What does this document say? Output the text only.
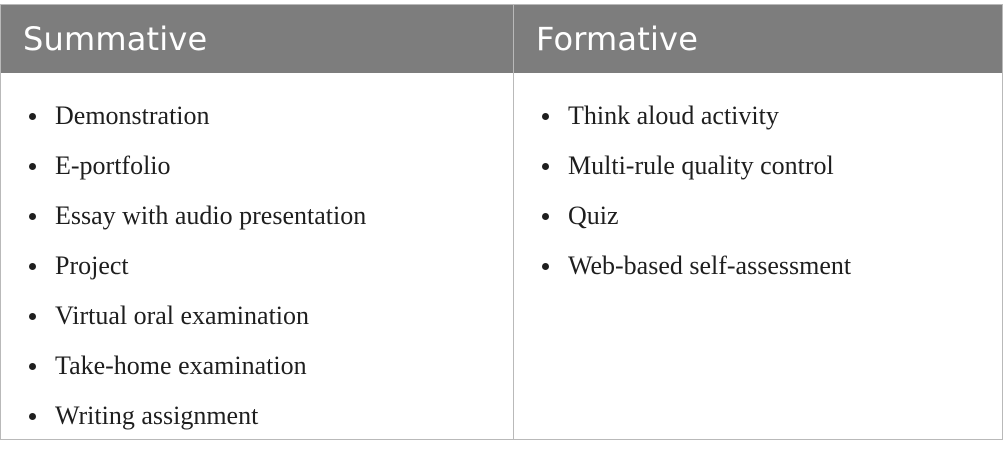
Summative
Demonstration
E-portfolio
Essay with audio presentation
Project
Virtual oral examination
Take-home examination
Writing assignment
Formative
Think aloud activity
Multi-rule quality control
Quiz
Web-based self-assessment
